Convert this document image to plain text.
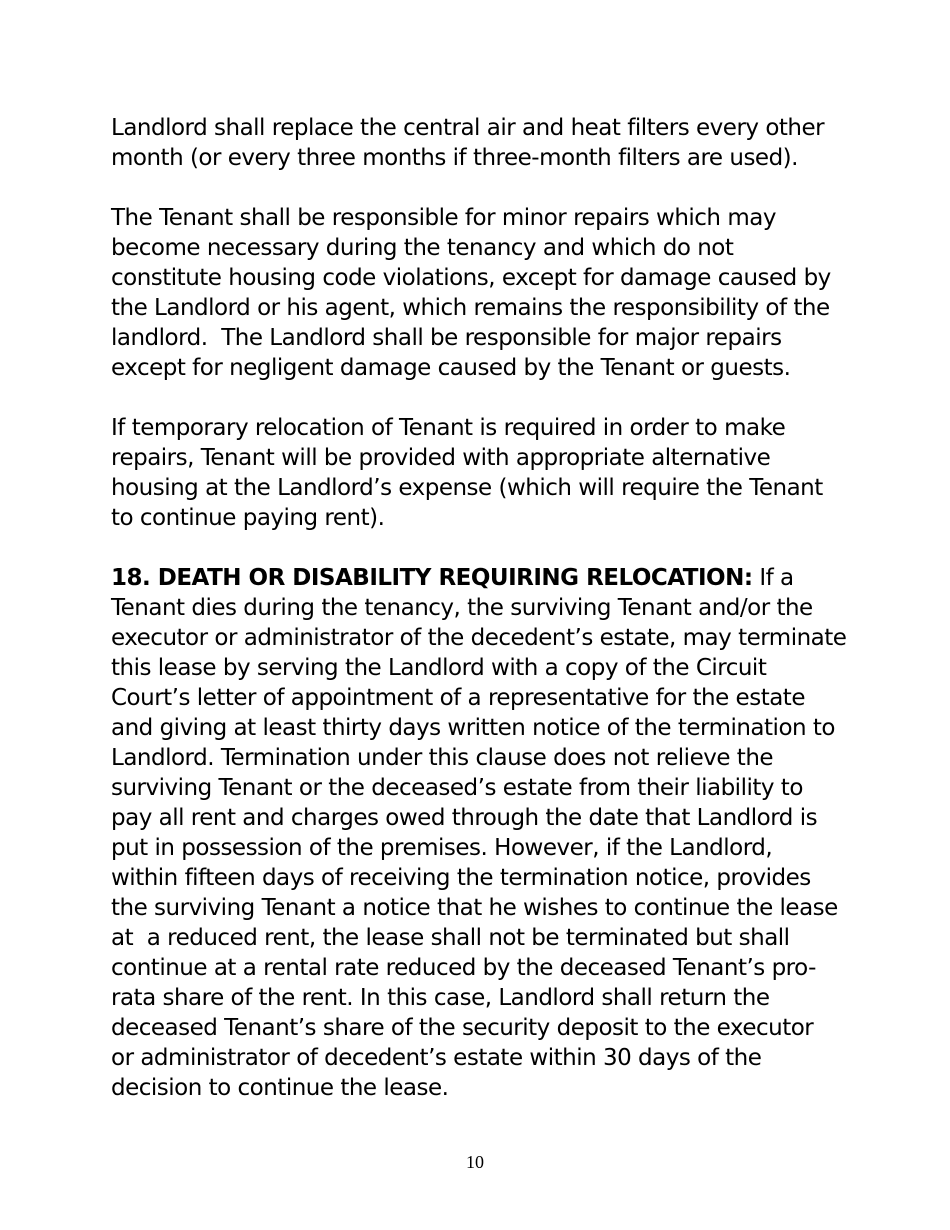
Landlord shall replace the central air and heat filters every other
month (or every three months if three-month filters are used).

The Tenant shall be responsible for minor repairs which may
become necessary during the tenancy and which do not
constitute housing code violations, except for damage caused by
the Landlord or his agent, which remains the responsibility of the
landlord.  The Landlord shall be responsible for major repairs
except for negligent damage caused by the Tenant or guests.

If temporary relocation of Tenant is required in order to make
repairs, Tenant will be provided with appropriate alternative
housing at the Landlord’s expense (which will require the Tenant
to continue paying rent).

18. DEATH OR DISABILITY REQUIRING RELOCATION: If a
Tenant dies during the tenancy, the surviving Tenant and/or the
executor or administrator of the decedent’s estate, may terminate
this lease by serving the Landlord with a copy of the Circuit
Court’s letter of appointment of a representative for the estate
and giving at least thirty days written notice of the termination to
Landlord. Termination under this clause does not relieve the
surviving Tenant or the deceased’s estate from their liability to
pay all rent and charges owed through the date that Landlord is
put in possession of the premises. However, if the Landlord,
within fifteen days of receiving the termination notice, provides
the surviving Tenant a notice that he wishes to continue the lease
at  a reduced rent, the lease shall not be terminated but shall
continue at a rental rate reduced by the deceased Tenant’s pro-
rata share of the rent. In this case, Landlord shall return the
deceased Tenant’s share of the security deposit to the executor
or administrator of decedent’s estate within 30 days of the
decision to continue the lease.

10
